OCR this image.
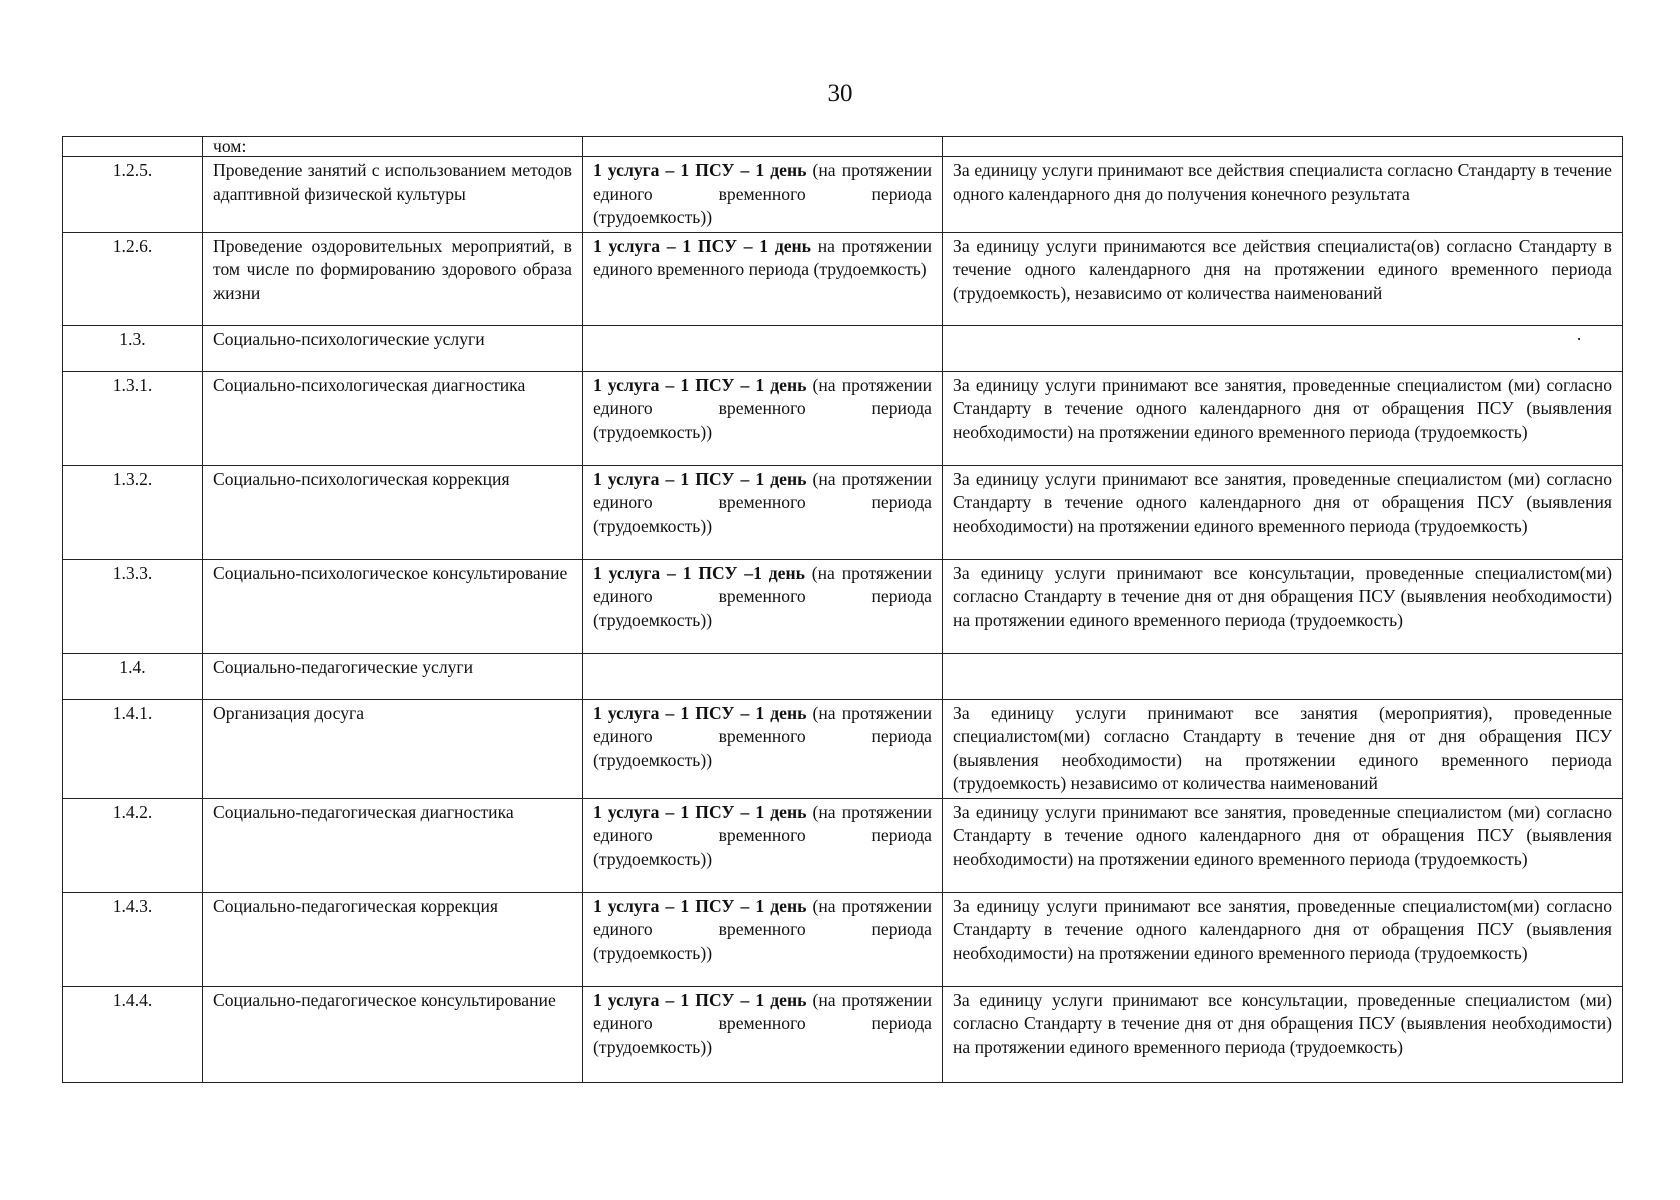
30
	чом:		
1.2.5.	Проведение занятий с использованием методов адаптивной физической культуры	1 услуга – 1 ПСУ – 1 день (на протяжении единого временного периода (трудоемкость))	За единицу услуги принимают все действия специалиста согласно Стандарту в течение одного календарного дня до получения конечного результата
1.2.6.	Проведение оздоровительных мероприятий, в том числе по формированию здорового образа жизни	1 услуга – 1 ПСУ – 1 день на протяжении единого временного периода (трудоемкость)	За единицу услуги принимаются все действия специалиста(ов) согласно Стандарту в течение одного календарного дня на протяжении единого временного периода (трудоемкость), независимо от количества наименований
1.3.	Социально-психологические услуги		·

1.3.1.	Социально-психологическая диагностика	1 услуга – 1 ПСУ – 1 день (на протяжении единого временного периода (трудоемкость))	За единицу услуги принимают все занятия, проведенные специалистом (ми) согласно Стандарту в течение одного календарного дня от обращения ПСУ (выявления необходимости) на протяжении единого временного периода (трудоемкость)
1.3.2.	Социально-психологическая коррекция	1 услуга – 1 ПСУ – 1 день (на протяжении единого временного периода (трудоемкость))	За единицу услуги принимают все занятия, проведенные специалистом (ми) согласно Стандарту в течение одного календарного дня от обращения ПСУ (выявления необходимости) на протяжении единого временного периода (трудоемкость)
1.3.3.	Социально-психологическое консультирование	1 услуга – 1 ПСУ –1 день (на протяжении единого временного периода (трудоемкость))	За единицу услуги принимают все консультации, проведенные специалистом(ми) согласно Стандарту в течение дня от дня обращения ПСУ (выявления необходимости) на протяжении единого временного периода (трудоемкость)
1.4.	Социально-педагогические услуги		
1.4.1.	Организация досуга	1 услуга – 1 ПСУ – 1 день (на протяжении единого временного периода (трудоемкость))	За единицу услуги принимают все занятия (мероприятия), проведенные специалистом(ми) согласно Стандарту в течение дня от дня обращения ПСУ (выявления необходимости) на протяжении единого временного периода (трудоемкость) независимо от количества наименований
1.4.2.	Социально-педагогическая диагностика	1 услуга – 1 ПСУ – 1 день (на протяжении единого временного периода (трудоемкость))	За единицу услуги принимают все занятия, проведенные специалистом (ми) согласно Стандарту в течение одного календарного дня от обращения ПСУ (выявления необходимости) на протяжении единого временного периода (трудоемкость)
1.4.3.	Социально-педагогическая коррекция	1 услуга – 1 ПСУ – 1 день (на протяжении единого временного периода (трудоемкость))	За единицу услуги принимают все занятия, проведенные специалистом(ми) согласно Стандарту в течение одного календарного дня от обращения ПСУ (выявления необходимости) на протяжении единого временного периода (трудоемкость)
1.4.4.	Социально-педагогическое консультирование	1 услуга – 1 ПСУ – 1 день (на протяжении единого временного периода (трудоемкость))	За единицу услуги принимают все консультации, проведенные специалистом (ми) согласно Стандарту в течение дня от дня обращения ПСУ (выявления необходимости) на протяжении единого временного периода (трудоемкость)
